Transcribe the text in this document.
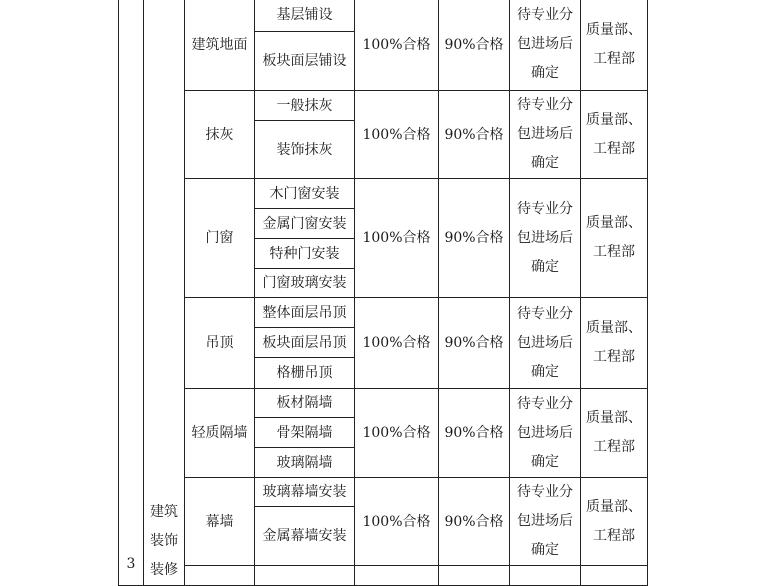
3	建筑
装饰
装修	建筑地面	基层铺设	100%合格	90%合格	待专业分
包进场后
确定	质量部、
工程部	

			板块面层铺设					
		抹灰	一般抹灰	100%合格	90%合格	待专业分
包进场后
确定	质量部、
工程部	

			装饰抹灰					
		门窗	木门窗安装	100%合格	90%合格	待专业分
包进场后
确定	质量部、
工程部	

			金属门窗安装					
			特种门安装					
			门窗玻璃安装					
		吊顶	整体面层吊顶	100%合格	90%合格	待专业分
包进场后
确定	质量部、
工程部	

			板块面层吊顶					
			格栅吊顶					
		轻质隔墙	板材隔墙	100%合格	90%合格	待专业分
包进场后
确定	质量部、
工程部	

			骨架隔墙					
			玻璃隔墙					
		幕墙	玻璃幕墙安装	100%合格	90%合格	待专业分
包进场后
确定	质量部、
工程部	

			金属幕墙安装					
